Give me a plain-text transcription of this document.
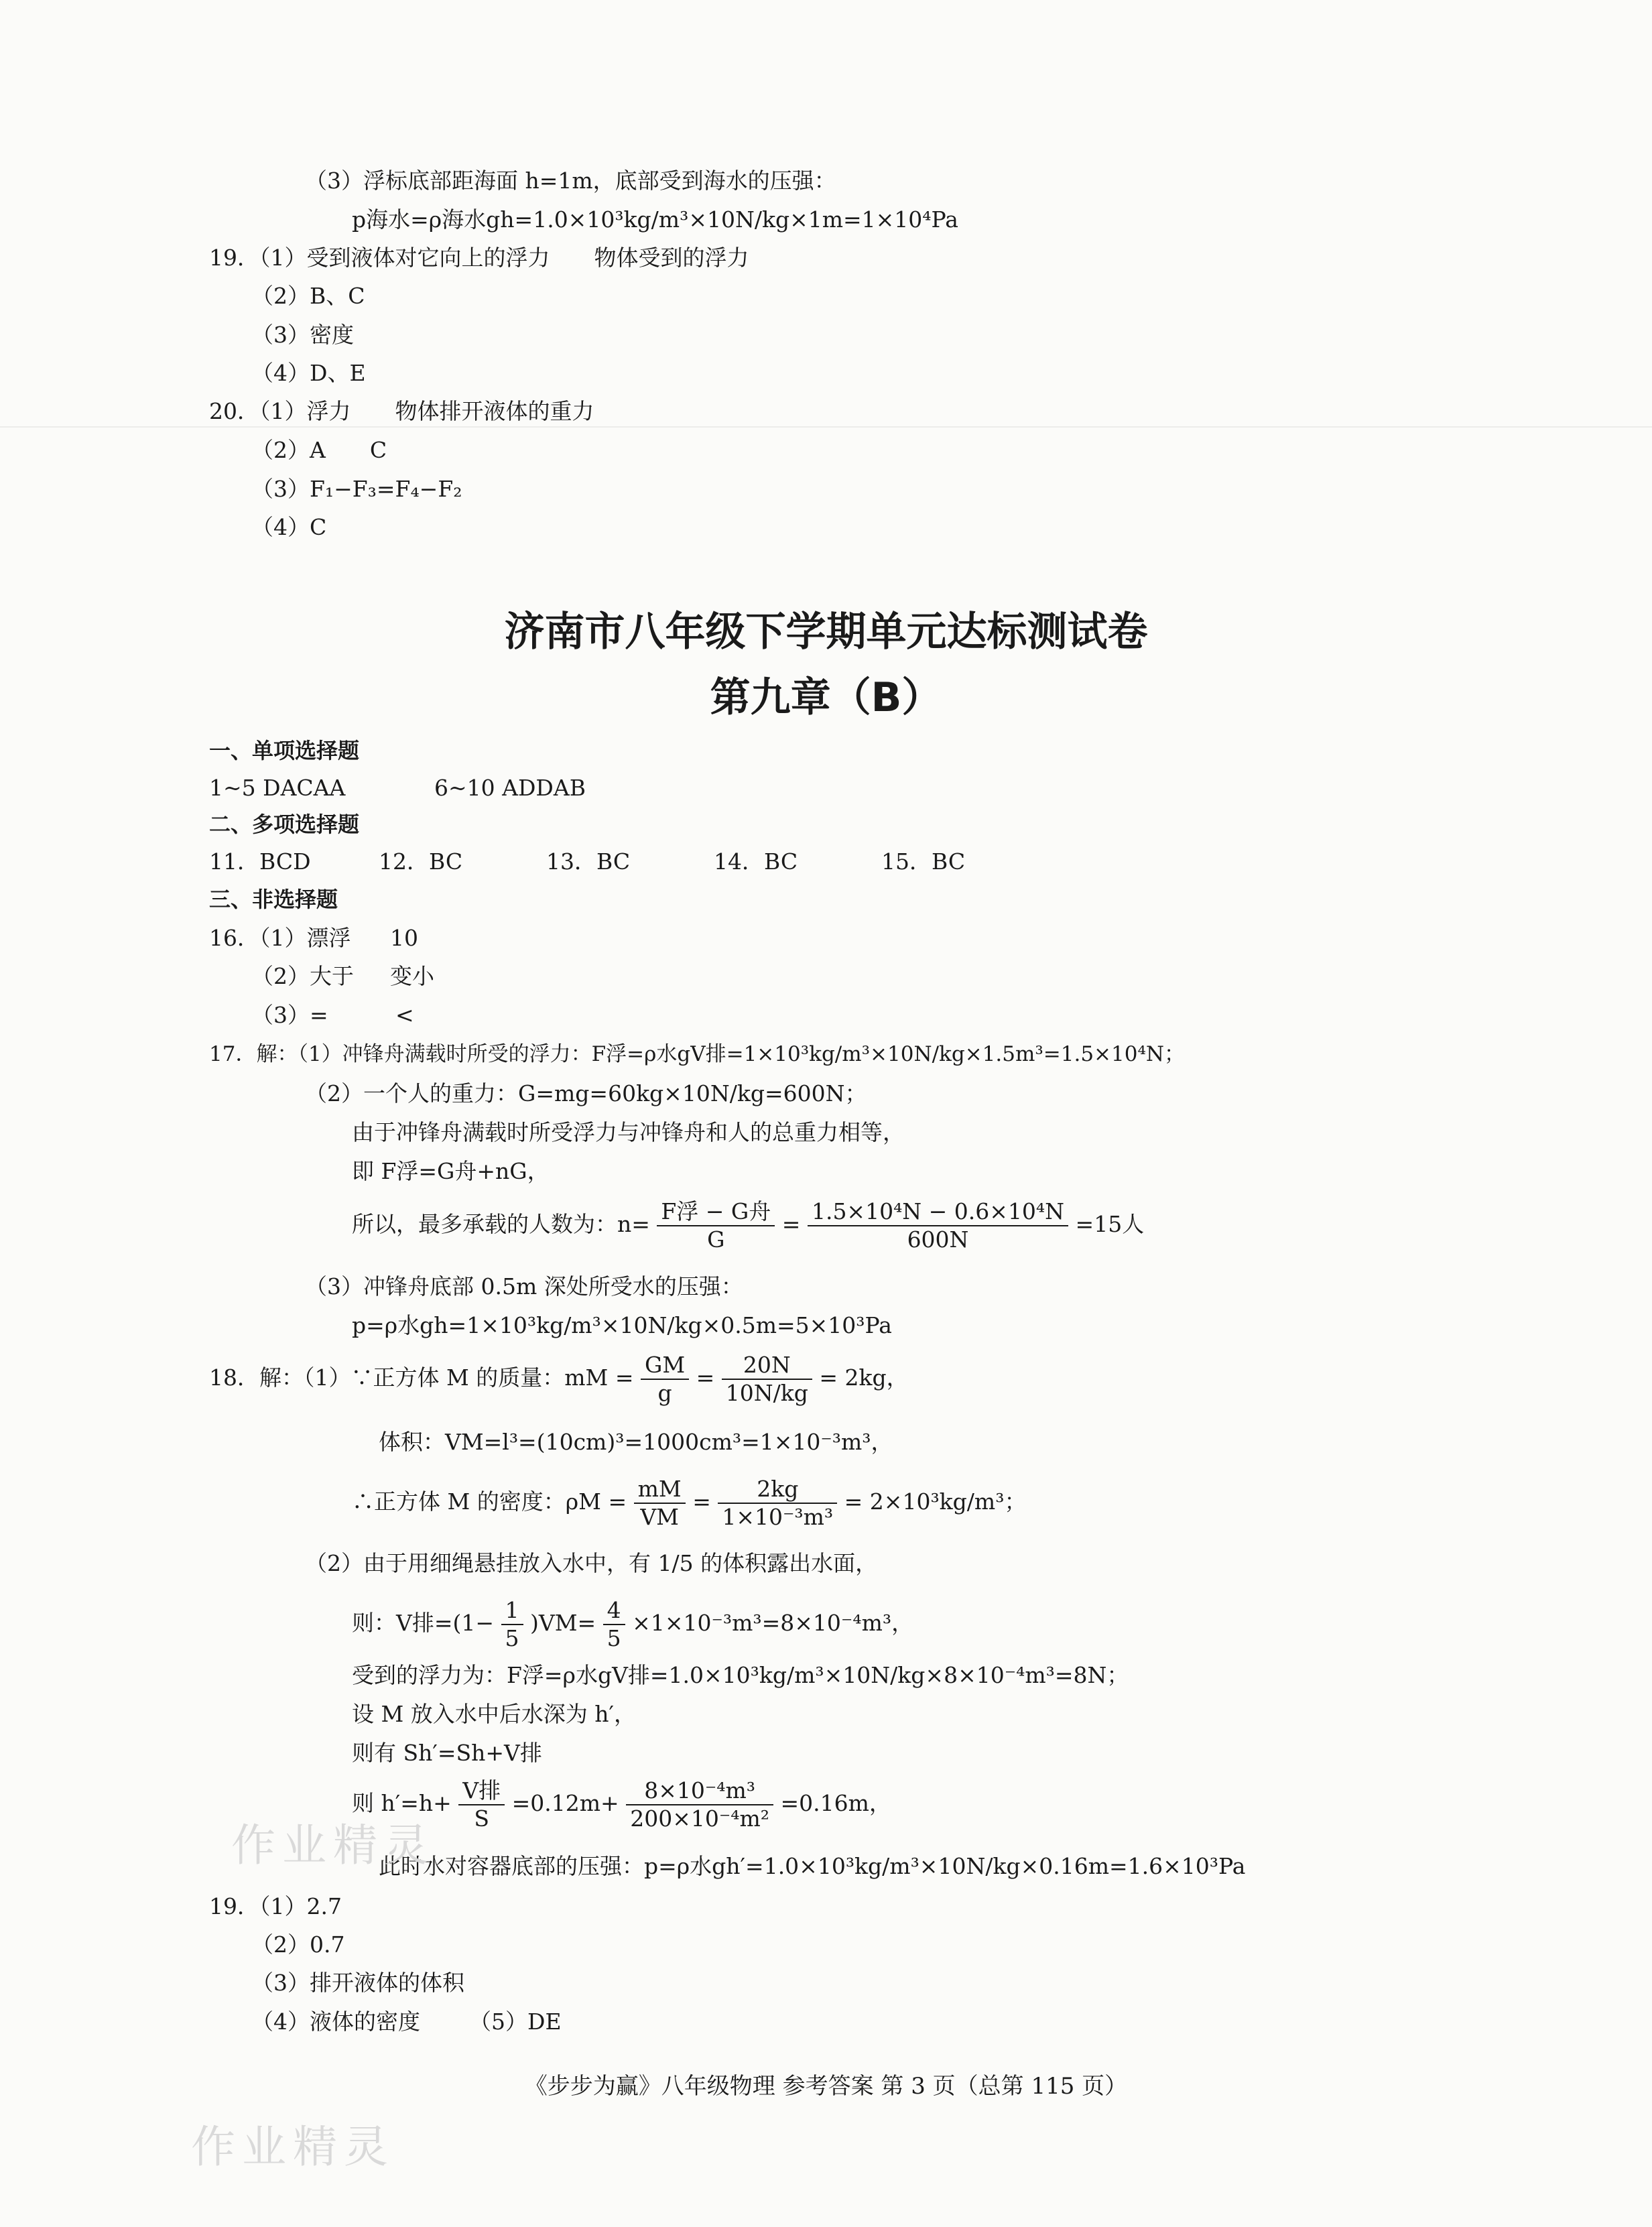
（3）浮标底部距海面 h=1m，底部受到海水的压强：
p海水=ρ海水gh=1.0×10³kg/m³×10N/kg×1m=1×10⁴Pa
19．（1）受到液体对它向上的浮力　　物体受到的浮力
（2）B、C
（3）密度
（4）D、E
20．（1）浮力　　物体排开液体的重力
（2）A　　C
（3）F₁−F₃=F₄−F₂
（4）C
济南市八年级下学期单元达标测试卷
第九章（B）
一、单项选择题
1~5 DACAA	6~10 ADDAB
二、多项选择题
11．BCD	12．BC	13．BC	14．BC	15．BC
三、非选择题
16．（1）漂浮 10
（2）大于 变小
（3）=	<
17．解：（1）冲锋舟满载时所受的浮力：F浮=ρ水gV排=1×10³kg/m³×10N/kg×1.5m³=1.5×10⁴N；
（2）一个人的重力：G=mg=60kg×10N/kg=600N；
由于冲锋舟满载时所受浮力与冲锋舟和人的总重力相等，
即 F浮=G舟+nG，
所以，最多承载的人数为：n= F浮 − G舟
G
= $\frac{\text{1.5×10⁴N − 0.6×10⁴N}}{600N} =15$人
（3）冲锋舟底部 0.5m 深处所受水的压强：
p=ρ水gh=1×10³kg/m³×10N/kg×0.5m=5×10³Pa
18．解：（1）∵正方体 M 的质量：mM = $\frac{GM}{g} = \frac{20N}{10N/kg} = 2kg$，
体积：VM=l³=(10cm)³=1000cm³=1×10⁻³m³，
∴正方体 M 的密度：$\rho M = \frac{mM}{VM} = \frac{2kg}{\text{1×10⁻³m³}} = 2\times 10^3kg/m^3$；
（2）由于用细绳悬挂放入水中，有 1/5 的体积露出水面，
则：V排$=(1- \frac{1}{5} )VM= \frac{4}{5} \times 1\times 10^{-3}m^3=8\times 10^{-4}m^3$，
受到的浮力为：F浮=ρ水gV排=1.0×10³kg/m³×10N/kg×8×10⁻⁴m³=8N；
设 M 放入水中后水深为 h′，
则有 Sh′=Sh+V排
则 h′=h+ V排
S
$=0.12m+ \frac{\text{8×10⁻⁴m³}}{\text{200×10⁻⁴m²}} =0.16m$，
此时水对容器底部的压强：p=ρ水gh′=1.0×10³kg/m³×10N/kg×0.16m=1.6×10³Pa
19．（1）2.7
（2）0.7
（3）排开液体的体积
（4）液体的密度 （5）DE
作业精灵
作业精灵
《步步为赢》八年级物理 参考答案 第 3 页（总第 115 页）
